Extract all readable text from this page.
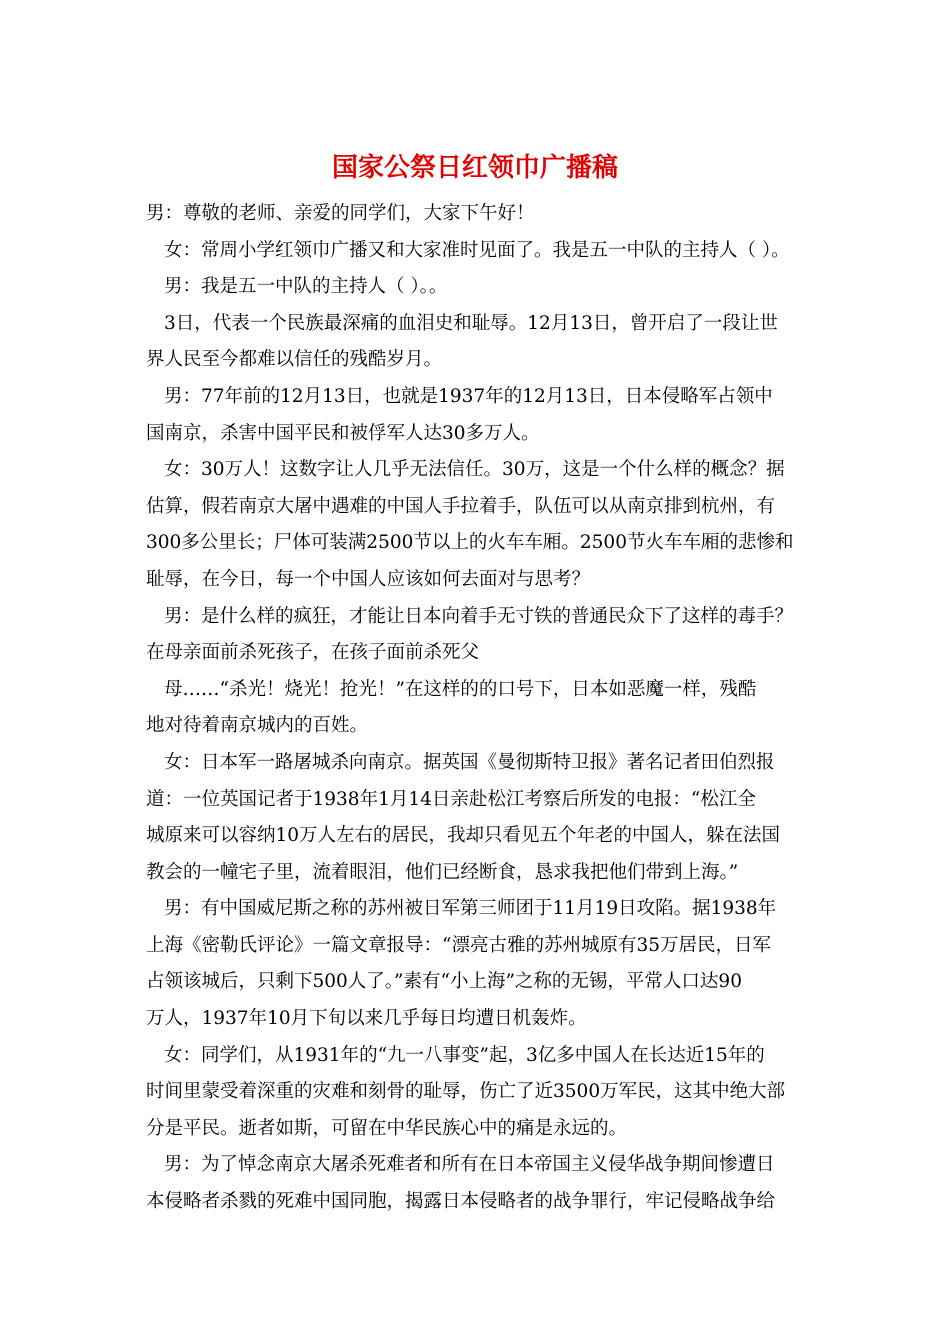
国家公祭日红领巾广播稿
男：尊敬的老师、亲爱的同学们，大家下午好！
女：常周小学红领巾广播又和大家准时见面了。我是五一中队的主持人（ ）。
男：我是五一中队的主持人（ ）。。
3日，代表一个民族最深痛的血泪史和耻辱。12月13日，曾开启了一段让世
界人民至今都难以信任的残酷岁月。
男：77年前的12月13日，也就是1937年的12月13日，日本侵略军占领中
国南京，杀害中国平民和被俘军人达30多万人。
女：30万人！这数字让人几乎无法信任。30万，这是一个什么样的概念？据
估算，假若南京大屠中遇难的中国人手拉着手，队伍可以从南京排到杭州，有
300多公里长；尸体可装满2500节以上的火车车厢。2500节火车车厢的悲惨和
耻辱，在今日，每一个中国人应该如何去面对与思考？
男：是什么样的疯狂，才能让日本向着手无寸铁的普通民众下了这样的毒手？
在母亲面前杀死孩子，在孩子面前杀死父
母……“杀光！烧光！抢光！”在这样的的口号下，日本如恶魔一样，残酷
地对待着南京城内的百姓。
女：日本军一路屠城杀向南京。据英国《曼彻斯特卫报》著名记者田伯烈报
道：一位英国记者于1938年1月14日亲赴松江考察后所发的电报：“松江全
城原来可以容纳10万人左右的居民，我却只看见五个年老的中国人，躲在法国
教会的一幢宅子里，流着眼泪，他们已经断食，恳求我把他们带到上海。”
男：有中国威尼斯之称的苏州被日军第三师团于11月19日攻陷。据1938年
上海《密勒氏评论》一篇文章报导：“漂亮古雅的苏州城原有35万居民，日军
占领该城后，只剩下500人了。”素有“小上海”之称的无锡，平常人口达90
万人，1937年10月下旬以来几乎每日均遭日机轰炸。
女：同学们，从1931年的“九一八事变”起，3亿多中国人在长达近15年的
时间里蒙受着深重的灾难和刻骨的耻辱，伤亡了近3500万军民，这其中绝大部
分是平民。逝者如斯，可留在中华民族心中的痛是永远的。
男：为了悼念南京大屠杀死难者和所有在日本帝国主义侵华战争期间惨遭日
本侵略者杀戮的死难中国同胞，揭露日本侵略者的战争罪行，牢记侵略战争给
